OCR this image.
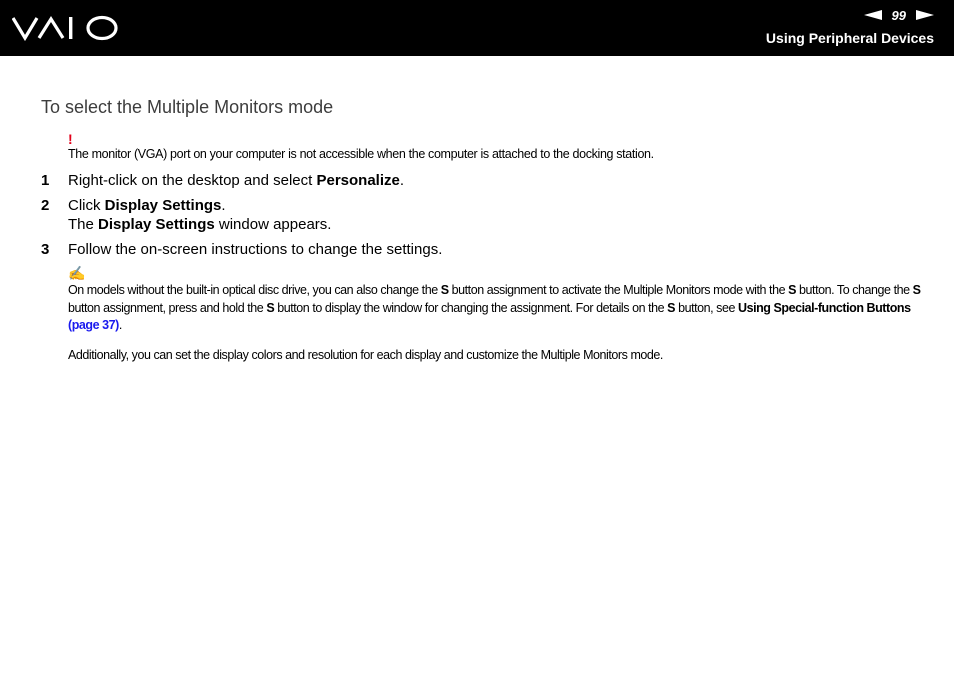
99
Using Peripheral Devices
To select the Multiple Monitors mode
!
The monitor (VGA) port on your computer is not accessible when the computer is attached to the docking station.
1	Right-click on the desktop and select Personalize.
2	Click Display Settings.
The Display Settings window appears.
3	Follow the on-screen instructions to change the settings.
✍
On models without the built-in optical disc drive, you can also change the S button assignment to activate the Multiple Monitors mode with the S button. To change the S button assignment, press and hold the S button to display the window for changing the assignment. For details on the S button, see Using Special-function Buttons (page 37).
Additionally, you can set the display colors and resolution for each display and customize the Multiple Monitors mode.
